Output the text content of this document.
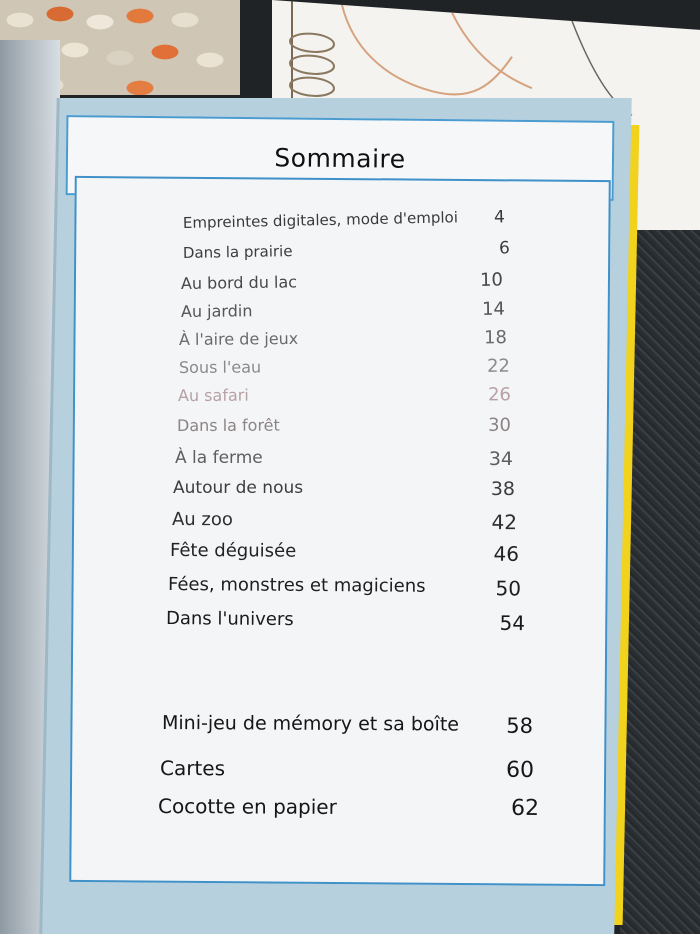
Sommaire
Empreintes digitales, mode d'emploi	4
Dans la prairie	6
Au bord du lac	10
Au jardin	14
À l'aire de jeux	18
Sous l'eau	22
Au safari	26
Dans la forêt	30
À la ferme	34
Autour de nous	38
Au zoo	42
Fête déguisée	46
Fées, monstres et magiciens	50
Dans l'univers	54
Mini-jeu de mémory et sa boîte	58
Cartes	60
Cocotte en papier	62
